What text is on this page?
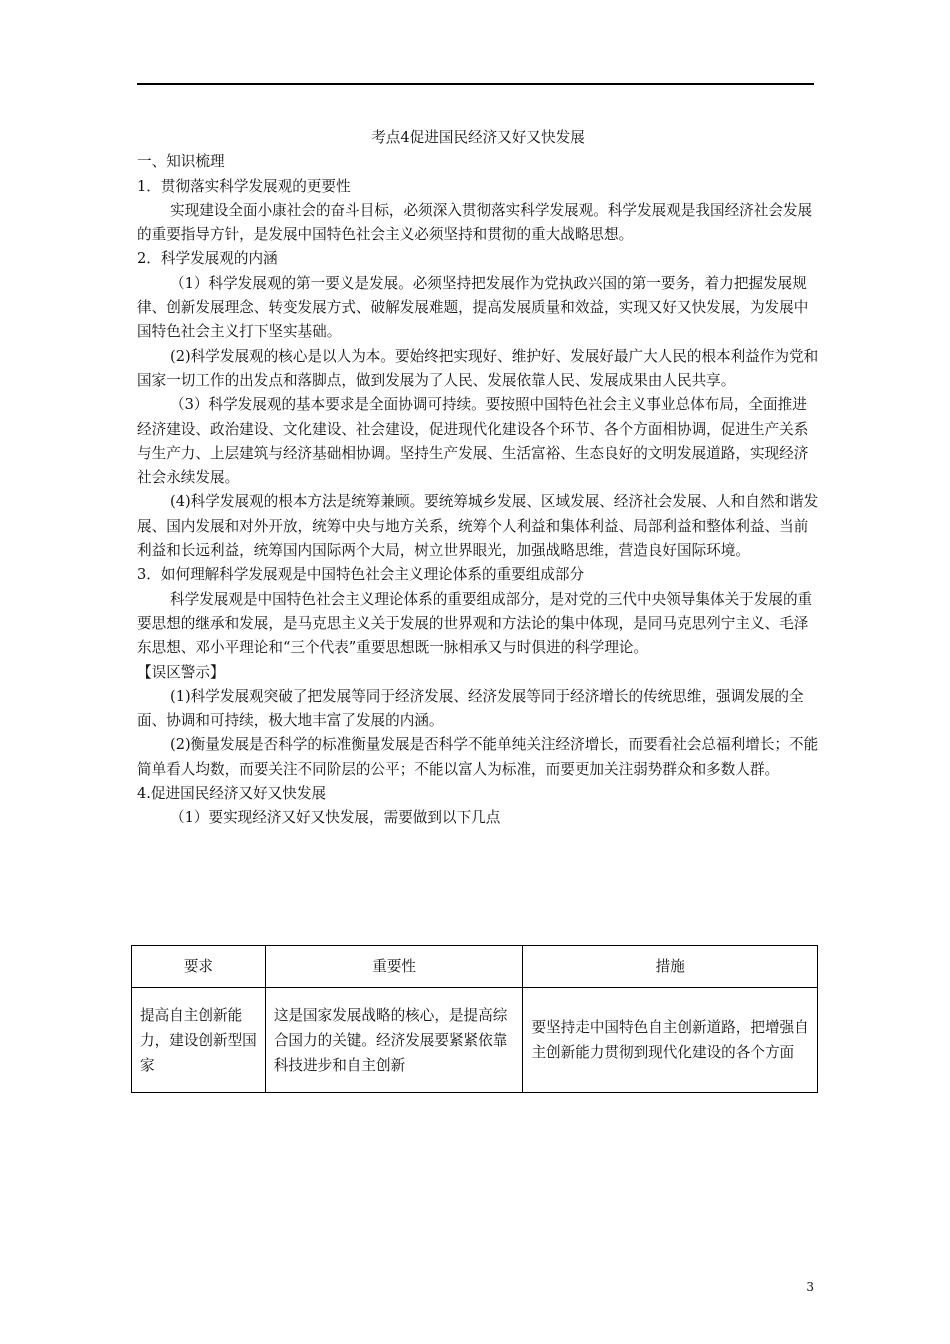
考点4促进国民经济又好又快发展
一、知识梳理
1．贯彻落实科学发展观的更要性
实现建设全面小康社会的奋斗目标，必须深入贯彻落实科学发展观。科学发展观是我国经济社会发展的重要指导方针，是发展中国特色社会主义必须坚持和贯彻的重大战略思想。
2．科学发展观的内涵
（1）科学发展观的第一要义是发展。必须坚持把发展作为党执政兴国的第一要务，着力把握发展规律、创新发展理念、转变发展方式、破解发展难题，提高发展质量和效益，实现又好又快发展，为发展中国特色社会主义打下坚实基础。
(2)科学发展观的核心是以人为本。要始终把实现好、维护好、发展好最广大人民的根本利益作为党和国家一切工作的出发点和落脚点，做到发展为了人民、发展依靠人民、发展成果由人民共享。
（3）科学发展观的基本要求是全面协调可持续。要按照中国特色社会主义事业总体布局，全面推进经济建设、政治建设、文化建设、社会建设，促进现代化建设各个环节、各个方面相协调，促进生产关系与生产力、上层建筑与经济基础相协调。坚持生产发展、生活富裕、生态良好的文明发展道路，实现经济社会永续发展。
(4)科学发展观的根本方法是统筹兼顾。要统筹城乡发展、区域发展、经济社会发展、人和自然和谐发展、国内发展和对外开放，统筹中央与地方关系，统筹个人利益和集体利益、局部利益和整体利益、当前利益和长远利益，统筹国内国际两个大局，树立世界眼光，加强战略思维，营造良好国际环境。
3．如何理解科学发展观是中国特色社会主义理论体系的重要组成部分
科学发展观是中国特色社会主义理论体系的重要组成部分，是对党的三代中央领导集体关于发展的重要思想的继承和发展，是马克思主义关于发展的世界观和方法论的集中体现，是同马克思列宁主义、毛泽东思想、邓小平理论和“三个代表”重要思想既一脉相承又与时俱进的科学理论。
【误区警示】
(1)科学发展观突破了把发展等同于经济发展、经济发展等同于经济增长的传统思维，强调发展的全面、协调和可持续，极大地丰富了发展的内涵。
(2)衡量发展是否科学的标准衡量发展是否科学不能单纯关注经济增长，而要看社会总福利增长；不能简单看人均数，而要关注不同阶层的公平；不能以富人为标准，而要更加关注弱势群众和多数人群。
4.促进国民经济又好又快发展
（1）要实现经济又好又快发展，需要做到以下几点
要求	重要性	措施
提高自主创新能力，建设创新型国家	这是国家发展战略的核心，是提高综合国力的关键。经济发展要紧紧依靠科技进步和自主创新	要坚持走中国特色自主创新道路，把增强自主创新能力贯彻到现代化建设的各个方面
3
